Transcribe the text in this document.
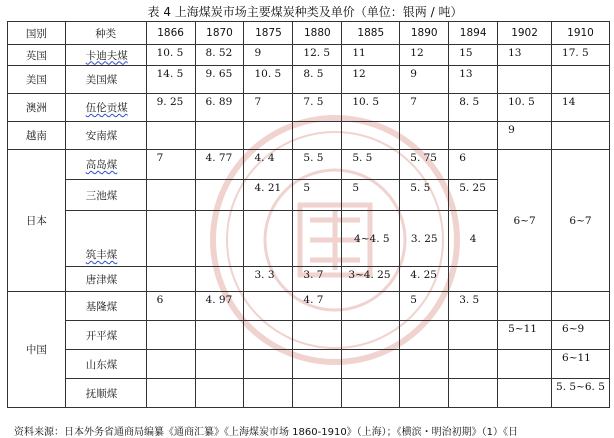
表 4 上海煤炭市场主要煤炭种类及单价（单位：银两 / 吨）
国别	种类	1866	1870	1875	1880	1885	1890	1894	1902	1910
英国	卡迪夫煤	10. 5	8. 52	9	12. 5	11	12	15	13	17. 5
美国	美国煤	14. 5	9. 65	10. 5	8. 5	12	9	13		
澳洲	伍伦贡煤	9. 25	6. 89	7	7. 5	10. 5	7	8. 5	10. 5	14
越南	安南煤								9	
日本	高岛煤	7	4. 77	4. 4	5. 5	5. 5	5. 75	6	6~7	6~7
	三池煤			4. 21	5	5	5. 5	5. 25		
	筑丰煤					4~4. 5	3. 25	4		
	唐津煤			3. 3	3. 7	3~4. 25	4. 25			
中国	基隆煤	6	4. 97		4. 7		5	3. 5		
	开平煤								5~11	6~9
	山东煤									6~11
	抚顺煤									5. 5~6. 5
资料来源：日本外务省通商局编纂《通商汇纂》《上海煤炭市场 1860-1910》（上海）；《横滨・明治初期》（1）《日
